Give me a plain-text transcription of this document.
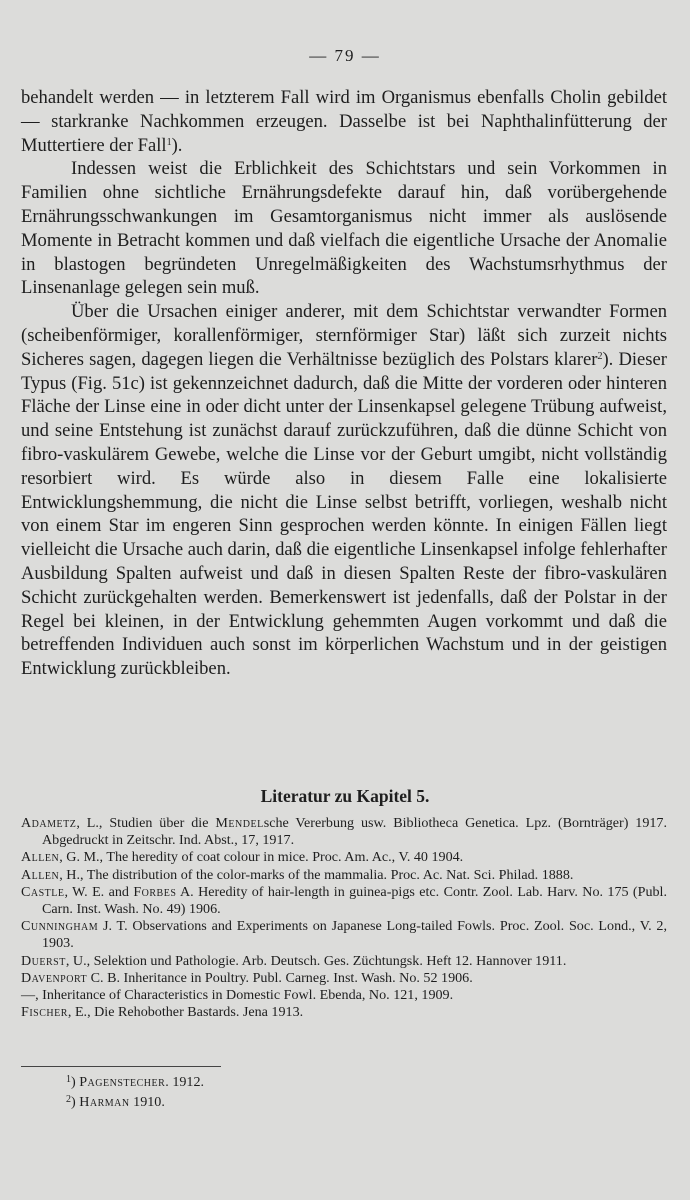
— 79 —

behandelt werden — in letzterem Fall wird im Organismus ebenfalls Cholin gebildet — starkranke Nachkommen erzeugen. Dasselbe ist bei Naphthalinfütterung der Muttertiere der Fall$^1$).

Indessen weist die Erblichkeit des Schichtstars und sein Vorkommen in Familien ohne sichtliche Ernährungsdefekte darauf hin, daß vorübergehende Ernährungsschwankungen im Gesamtorganismus nicht immer als auslösende Momente in Betracht kommen und daß vielfach die eigentliche Ursache der Anomalie in blastogen begründeten Unregelmäßigkeiten des Wachstumsrhythmus der Linsenanlage gelegen sein muß.

Über die Ursachen einiger anderer, mit dem Schichtstar verwandter Formen (scheibenförmiger, korallenförmiger, sternförmiger Star) läßt sich zurzeit nichts Sicheres sagen, dagegen liegen die Verhältnisse bezüglich des Polstars klarer$^2$). Dieser Typus (Fig. 51c) ist gekennzeichnet dadurch, daß die Mitte der vorderen oder hinteren Fläche der Linse eine in oder dicht unter der Linsenkapsel gelegene Trübung aufweist, und seine Entstehung ist zunächst darauf zurückzuführen, daß die dünne Schicht von fibro-vaskulärem Gewebe, welche die Linse vor der Geburt umgibt, nicht vollständig resorbiert wird. Es würde also in diesem Falle eine lokalisierte Entwicklungshemmung, die nicht die Linse selbst betrifft, vorliegen, weshalb nicht von einem Star im engeren Sinn gesprochen werden könnte. In einigen Fällen liegt vielleicht die Ursache auch darin, daß die eigentliche Linsenkapsel infolge fehlerhafter Ausbildung Spalten aufweist und daß in diesen Spalten Reste der fibro-vaskulären Schicht zurückgehalten werden. Bemerkenswert ist jedenfalls, daß der Polstar in der Regel bei kleinen, in der Entwicklung gehemmten Augen vorkommt und daß die betreffenden Individuen auch sonst im körperlichen Wachstum und in der geistigen Entwicklung zurückbleiben.

Literatur zu Kapitel 5.

Adametz, L., Studien über die Mendelsche Vererbung usw. Bibliotheca Genetica. Lpz. (Bornträger) 1917. Abgedruckt in Zeitschr. Ind. Abst., 17, 1917.

Allen, G. M., The heredity of coat colour in mice. Proc. Am. Ac., V. 40 1904.

Allen, H., The distribution of the color-marks of the mammalia. Proc. Ac. Nat. Sci. Philad. 1888.

Castle, W. E. and Forbes A. Heredity of hair-length in guinea-pigs etc. Contr. Zool. Lab. Harv. No. 175 (Publ. Carn. Inst. Wash. No. 49) 1906.

Cunningham J. T. Observations and Experiments on Japanese Long-tailed Fowls. Proc. Zool. Soc. Lond., V. 2, 1903.

Duerst, U., Selektion und Pathologie. Arb. Deutsch. Ges. Züchtungsk. Heft 12. Hannover 1911.

Davenport C. B. Inheritance in Poultry. Publ. Carneg. Inst. Wash. No. 52 1906.

—, Inheritance of Characteristics in Domestic Fowl. Ebenda, No. 121, 1909.

Fischer, E., Die Rehobother Bastards. Jena 1913.

$^1$) Pagenstecher. 1912.

$^2$) Harman 1910.
